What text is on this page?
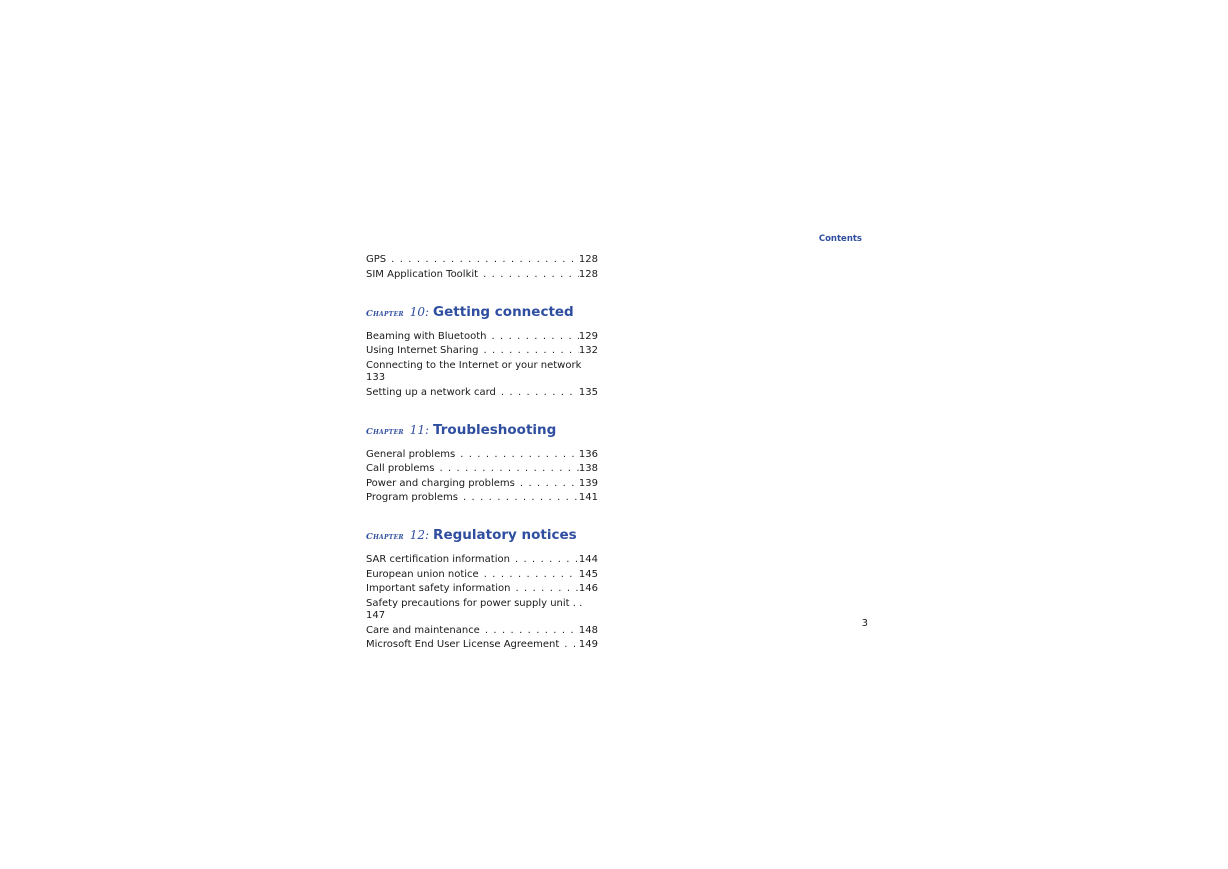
Contents
GPS . . .	128
SIM Application Toolkit . . .	128
Chapter 10: Getting connected
Beaming with Bluetooth . . .	129
Using Internet Sharing . . .	132
Connecting to the Internet or your network
133
Setting up a network card . . .	135
Chapter 11: Troubleshooting
General problems . . .	136
Call problems . . .	138
Power and charging problems . . .	139
Program problems . . .	141
Chapter 12: Regulatory notices
SAR certification information . . .	144
European union notice . . .	145
Important safety information . . .	146
Safety precautions for power supply unit . .
147
Care and maintenance . . .	148
Microsoft End User License Agreement . . . 149
3
